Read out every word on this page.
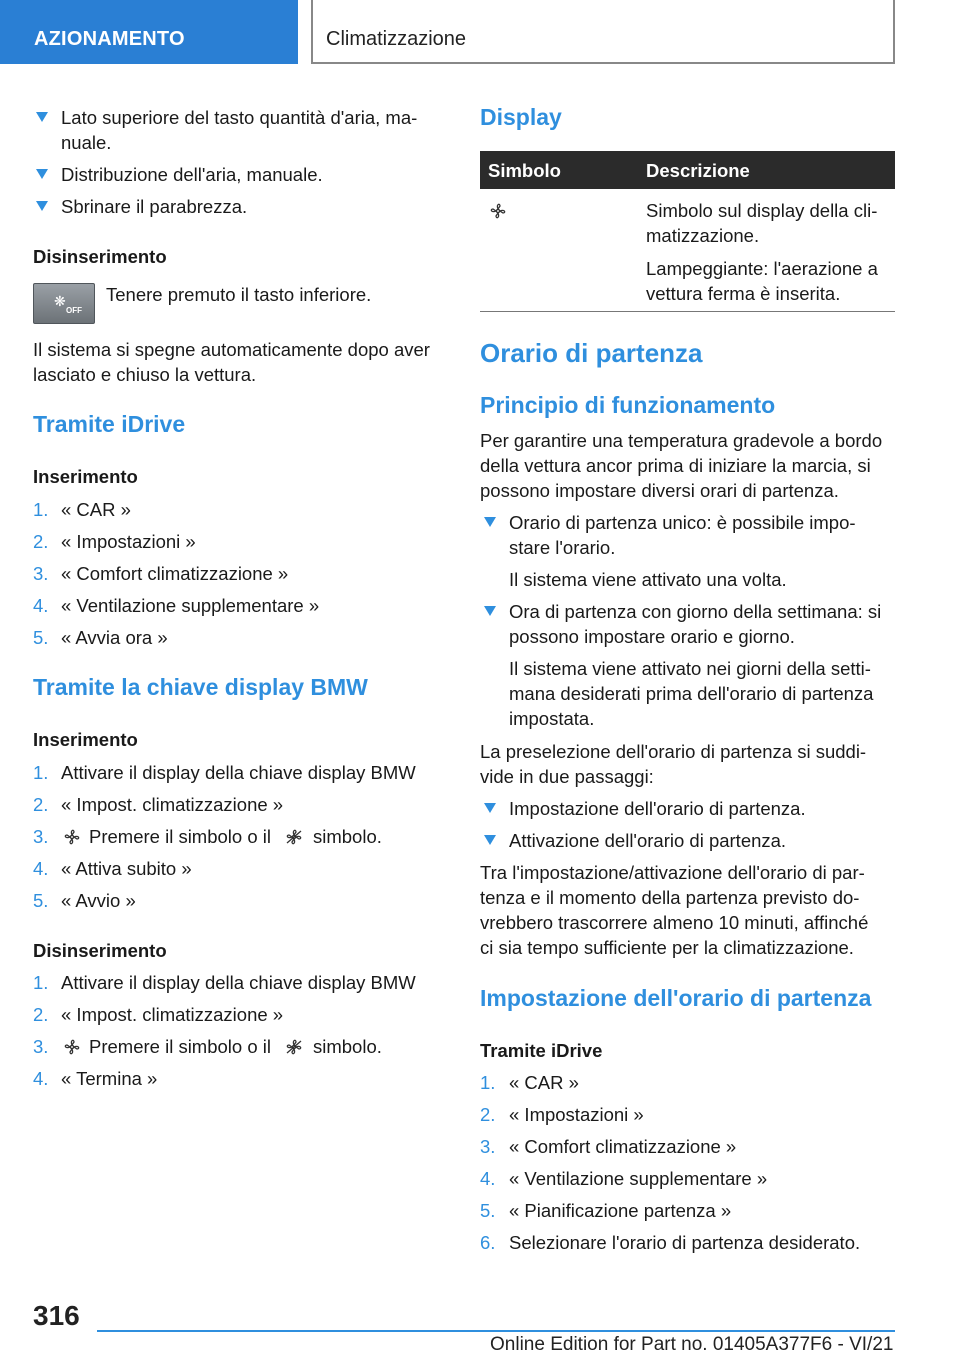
AZIONAMENTO	Climatizzazione
Lato superiore del tasto quantità d'aria, ma-
nuale.
Distribuzione dell'aria, manuale.
Sbrinare il parabrezza.
Disinserimento
❋
OFF
Tenere premuto il tasto inferiore.
Il sistema si spegne automaticamente dopo aver
lasciato e chiuso la vettura.
Tramite iDrive
Inserimento
1. « CAR »
2. « Impostazioni »
3. « Comfort climatizzazione »
4. « Ventilazione supplementare »
5. « Avvia ora »
Tramite la chiave display BMW
Inserimento
1. Attivare il display della chiave display BMW
2. « Impost. climatizzazione »
3. Premere il simbolo o il simbolo.
4. « Attiva subito »
5. « Avvio »
Disinserimento
1. Attivare il display della chiave display BMW
2. « Impost. climatizzazione »
3. Premere il simbolo o il simbolo.
4. « Termina »
Display
Simbolo	Descrizione
Simbolo sul display della cli-
matizzazione.
Lampeggiante: l'aerazione a
vettura ferma è inserita.
Orario di partenza
Principio di funzionamento
Per garantire una temperatura gradevole a bordo
della vettura ancor prima di iniziare la marcia, si
possono impostare diversi orari di partenza.
Orario di partenza unico: è possibile impo-
stare l'orario.
Il sistema viene attivato una volta.
Ora di partenza con giorno della settimana: si
possono impostare orario e giorno.
Il sistema viene attivato nei giorni della setti-
mana desiderati prima dell'orario di partenza
impostata.
La preselezione dell'orario di partenza si suddi-
vide in due passaggi:
Impostazione dell'orario di partenza.
Attivazione dell'orario di partenza.
Tra l'impostazione/attivazione dell'orario di par-
tenza e il momento della partenza previsto do-
vrebbero trascorrere almeno 10 minuti, affinché
ci sia tempo sufficiente per la climatizzazione.
Impostazione dell'orario di partenza
Tramite iDrive
1. « CAR »
2. « Impostazioni »
3. « Comfort climatizzazione »
4. « Ventilazione supplementare »
5. « Pianificazione partenza »
6. Selezionare l'orario di partenza desiderato.
316
Online Edition for Part no. 01405A377F6 - VI/21
